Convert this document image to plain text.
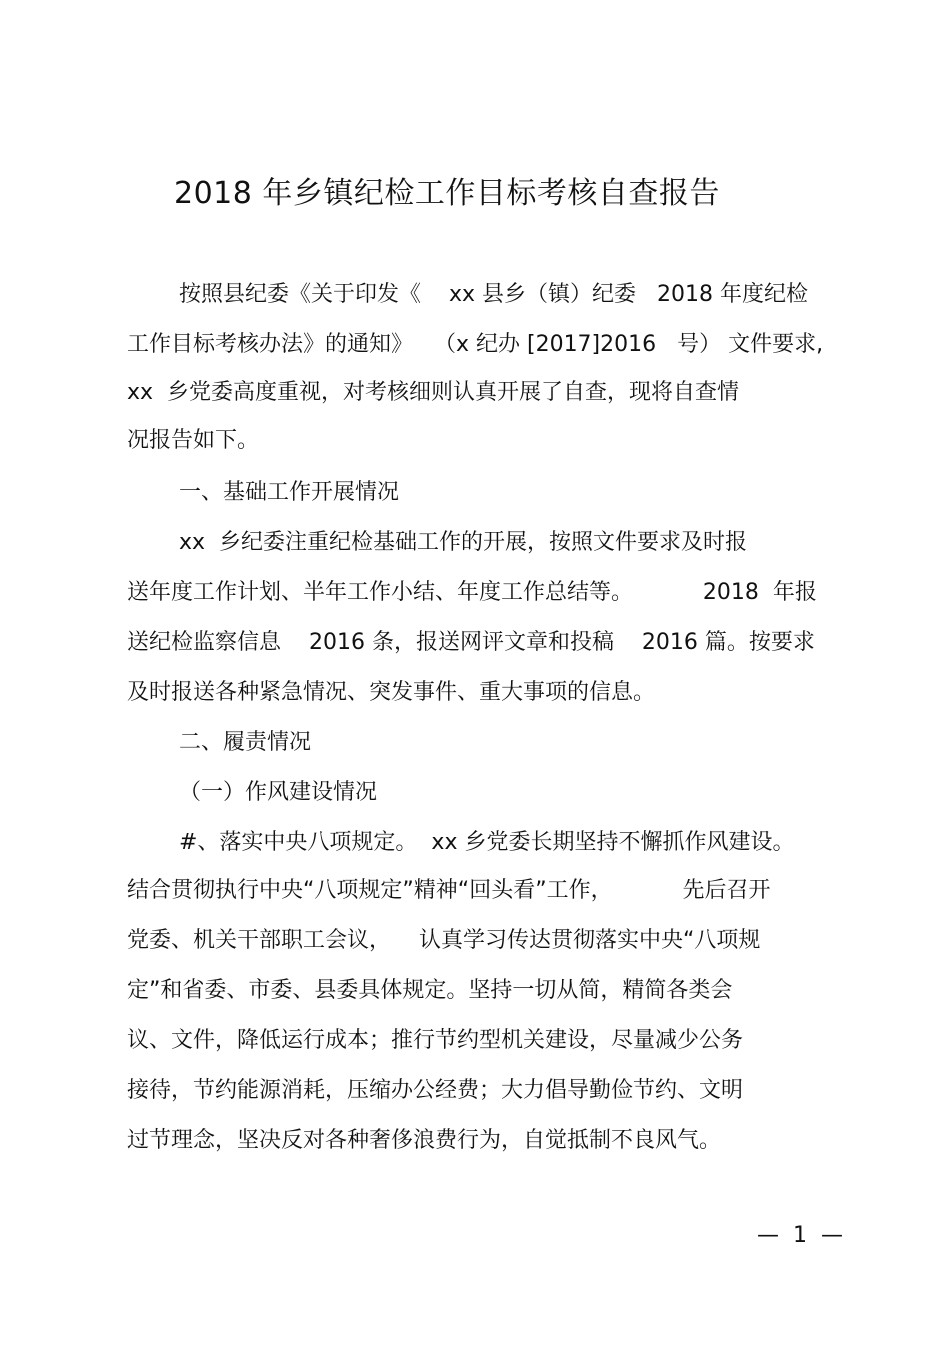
2018 年乡镇纪检工作目标考核自查报告
按照县纪委《关于印发《    xx 县乡（镇）纪委   2018 年度纪检
工作目标考核办法》的通知》   （x 纪办 [2017]2016   号） 文件要求,
xx  乡党委高度重视，对考核细则认真开展了自查，现将自查情
况报告如下。
一、基础工作开展情况
xx  乡纪委注重纪检基础工作的开展，按照文件要求及时报
送年度工作计划、半年工作小结、年度工作总结等。          2018  年报
送纪检监察信息    2016 条，报送网评文章和投稿    2016 篇。按要求
及时报送各种紧急情况、突发事件、重大事项的信息。
二、履责情况
（一）作风建设情况
#、落实中央八项规定。  xx 乡党委长期坚持不懈抓作风建设。
结合贯彻执行中央“八项规定”精神“回头看”工作，          先后召开
党委、机关干部职工会议，    认真学习传达贯彻落实中央“八项规
定”和省委、市委、县委具体规定。坚持一切从简，精简各类会
议、文件，降低运行成本；推行节约型机关建设，尽量减少公务
接待，节约能源消耗，压缩办公经费；大力倡导勤俭节约、文明
过节理念，坚决反对各种奢侈浪费行为，自觉抵制不良风气。
—  1  —
